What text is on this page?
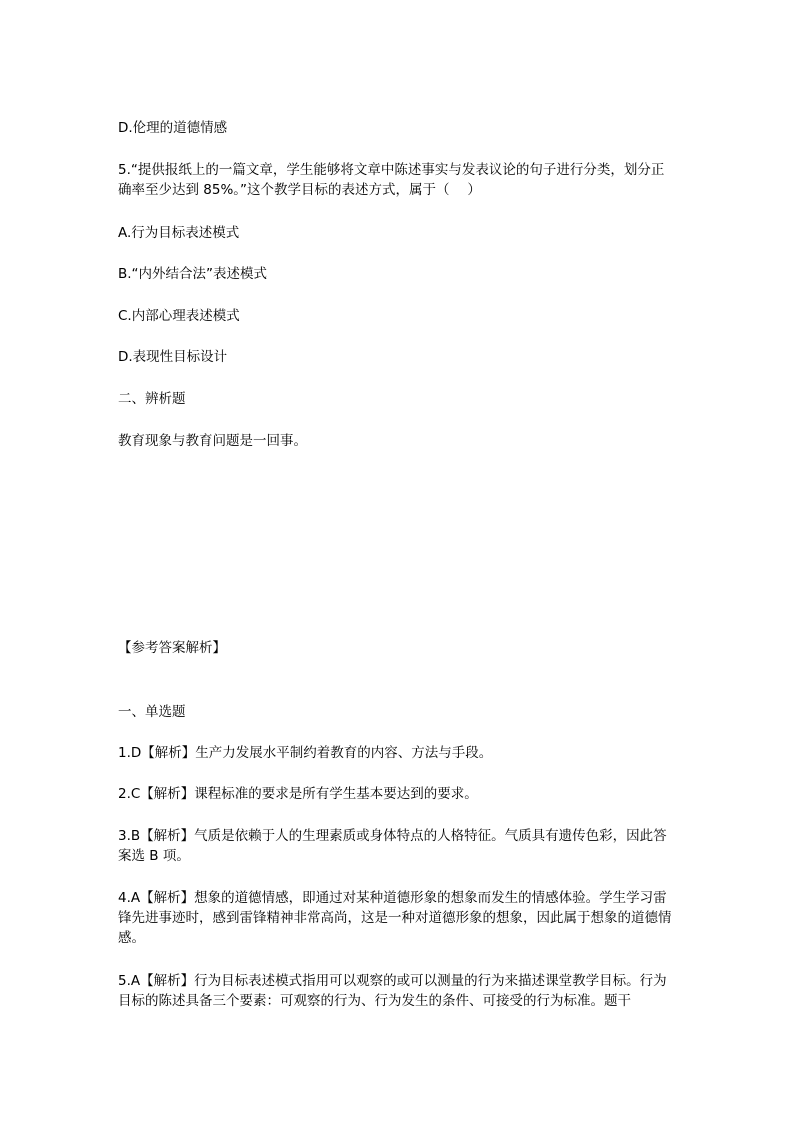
D.伦理的道德情感

5.“提供报纸上的一篇文章，学生能够将文章中陈述事实与发表议论的句子进行分类，划分正确率至少达到 85%。”这个教学目标的表述方式，属于（　 ）

A.行为目标表述模式

B.“内外结合法”表述模式

C.内部心理表述模式

D.表现性目标设计

二、辨析题

教育现象与教育问题是一回事。

【参考答案解析】

一、单选题

1.D【解析】生产力发展水平制约着教育的内容、方法与手段。

2.C【解析】课程标准的要求是所有学生基本要达到的要求。

3.B【解析】气质是依赖于人的生理素质或身体特点的人格特征。气质具有遗传色彩，因此答案选 B 项。

4.A【解析】想象的道德情感，即通过对某种道德形象的想象而发生的情感体验。学生学习雷锋先进事迹时，感到雷锋精神非常高尚，这是一种对道德形象的想象，因此属于想象的道德情感。

5.A【解析】行为目标表述模式指用可以观察的或可以测量的行为来描述课堂教学目标。行为目标的陈述具备三个要素：可观察的行为、行为发生的条件、可接受的行为标准。题干
